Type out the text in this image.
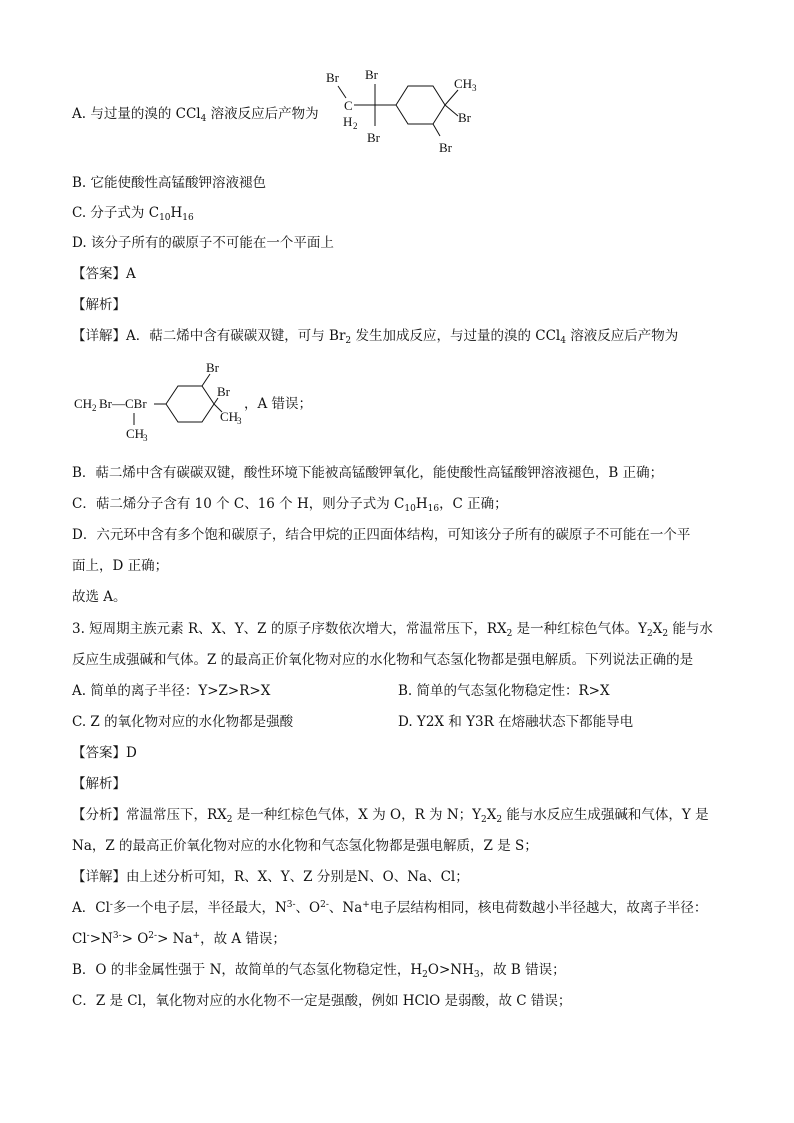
A. 与过量的溴的 CCl$_4$ 溶液反应后产物为
Br Br
C
H 2
Br
CH 3
Br
Br
B. 它能使酸性高锰酸钾溶液褪色
C. 分子式为 $C_{10}H_{16}$
D. 该分子所有的碳原子不可能在一个平面上
【答案】A
【解析】
【详解】A．萜二烯中含有碳碳双键，可与 $Br_2$ 发生加成反应，与过量的溴的 CCl$_4$ 溶液反应后产物为
CH 2 Br—CBr
CH
3
Br
Br
CH
3
，A 错误；
B．萜二烯中含有碳碳双键，酸性环境下能被高锰酸钾氧化，能使酸性高锰酸钾溶液褪色，B 正确；
C．萜二烯分子含有 10 个 C、16 个 H，则分子式为 $C_{10}H_{16}$，C 正确；
D．六元环中含有多个饱和碳原子，结合甲烷的正四面体结构，可知该分子所有的碳原子不可能在一个平
面上，D 正确；
故选 A。
3. 短周期主族元素 R、X、Y、Z 的原子序数依次增大，常温常压下，$RX_2$ 是一种红棕色气体。$Y_2X_2$ 能与水
反应生成强碱和气体。Z 的最高正价氧化物对应的水化物和气态氢化物都是强电解质。下列说法正确的是
A. 简单的离子半径：Y>Z>R>X	B. 简单的气态氢化物稳定性：R>X
C. Z 的氧化物对应的水化物都是强酸	D. Y2X 和 Y3R 在熔融状态下都能导电
【答案】D
【解析】
【分析】常温常压下，$RX_2$ 是一种红棕色气体，X 为 O，R 为 N；$Y_2X_2$ 能与水反应生成强碱和气体，Y 是
Na，Z 的最高正价氧化物对应的水化物和气态氢化物都是强电解质，Z 是 S；
【详解】由上述分析可知，R、X、Y、Z 分别是N、O、Na、Cl；
A．Cl-多一个电子层，半径最大，$N^{3-}$、$O^{2-}$、Na+电子层结构相同，核电荷数越小半径越大，故离子半径：
$Cl^->N^{3-}> O^{2-}> Na^+$，故 A 错误；
B．O 的非金属性强于 N，故简单的气态氢化物稳定性，$H_2O>NH_3$，故 B 错误；
C．Z 是 Cl，氧化物对应的水化物不一定是强酸，例如 HClO 是弱酸，故 C 错误；
